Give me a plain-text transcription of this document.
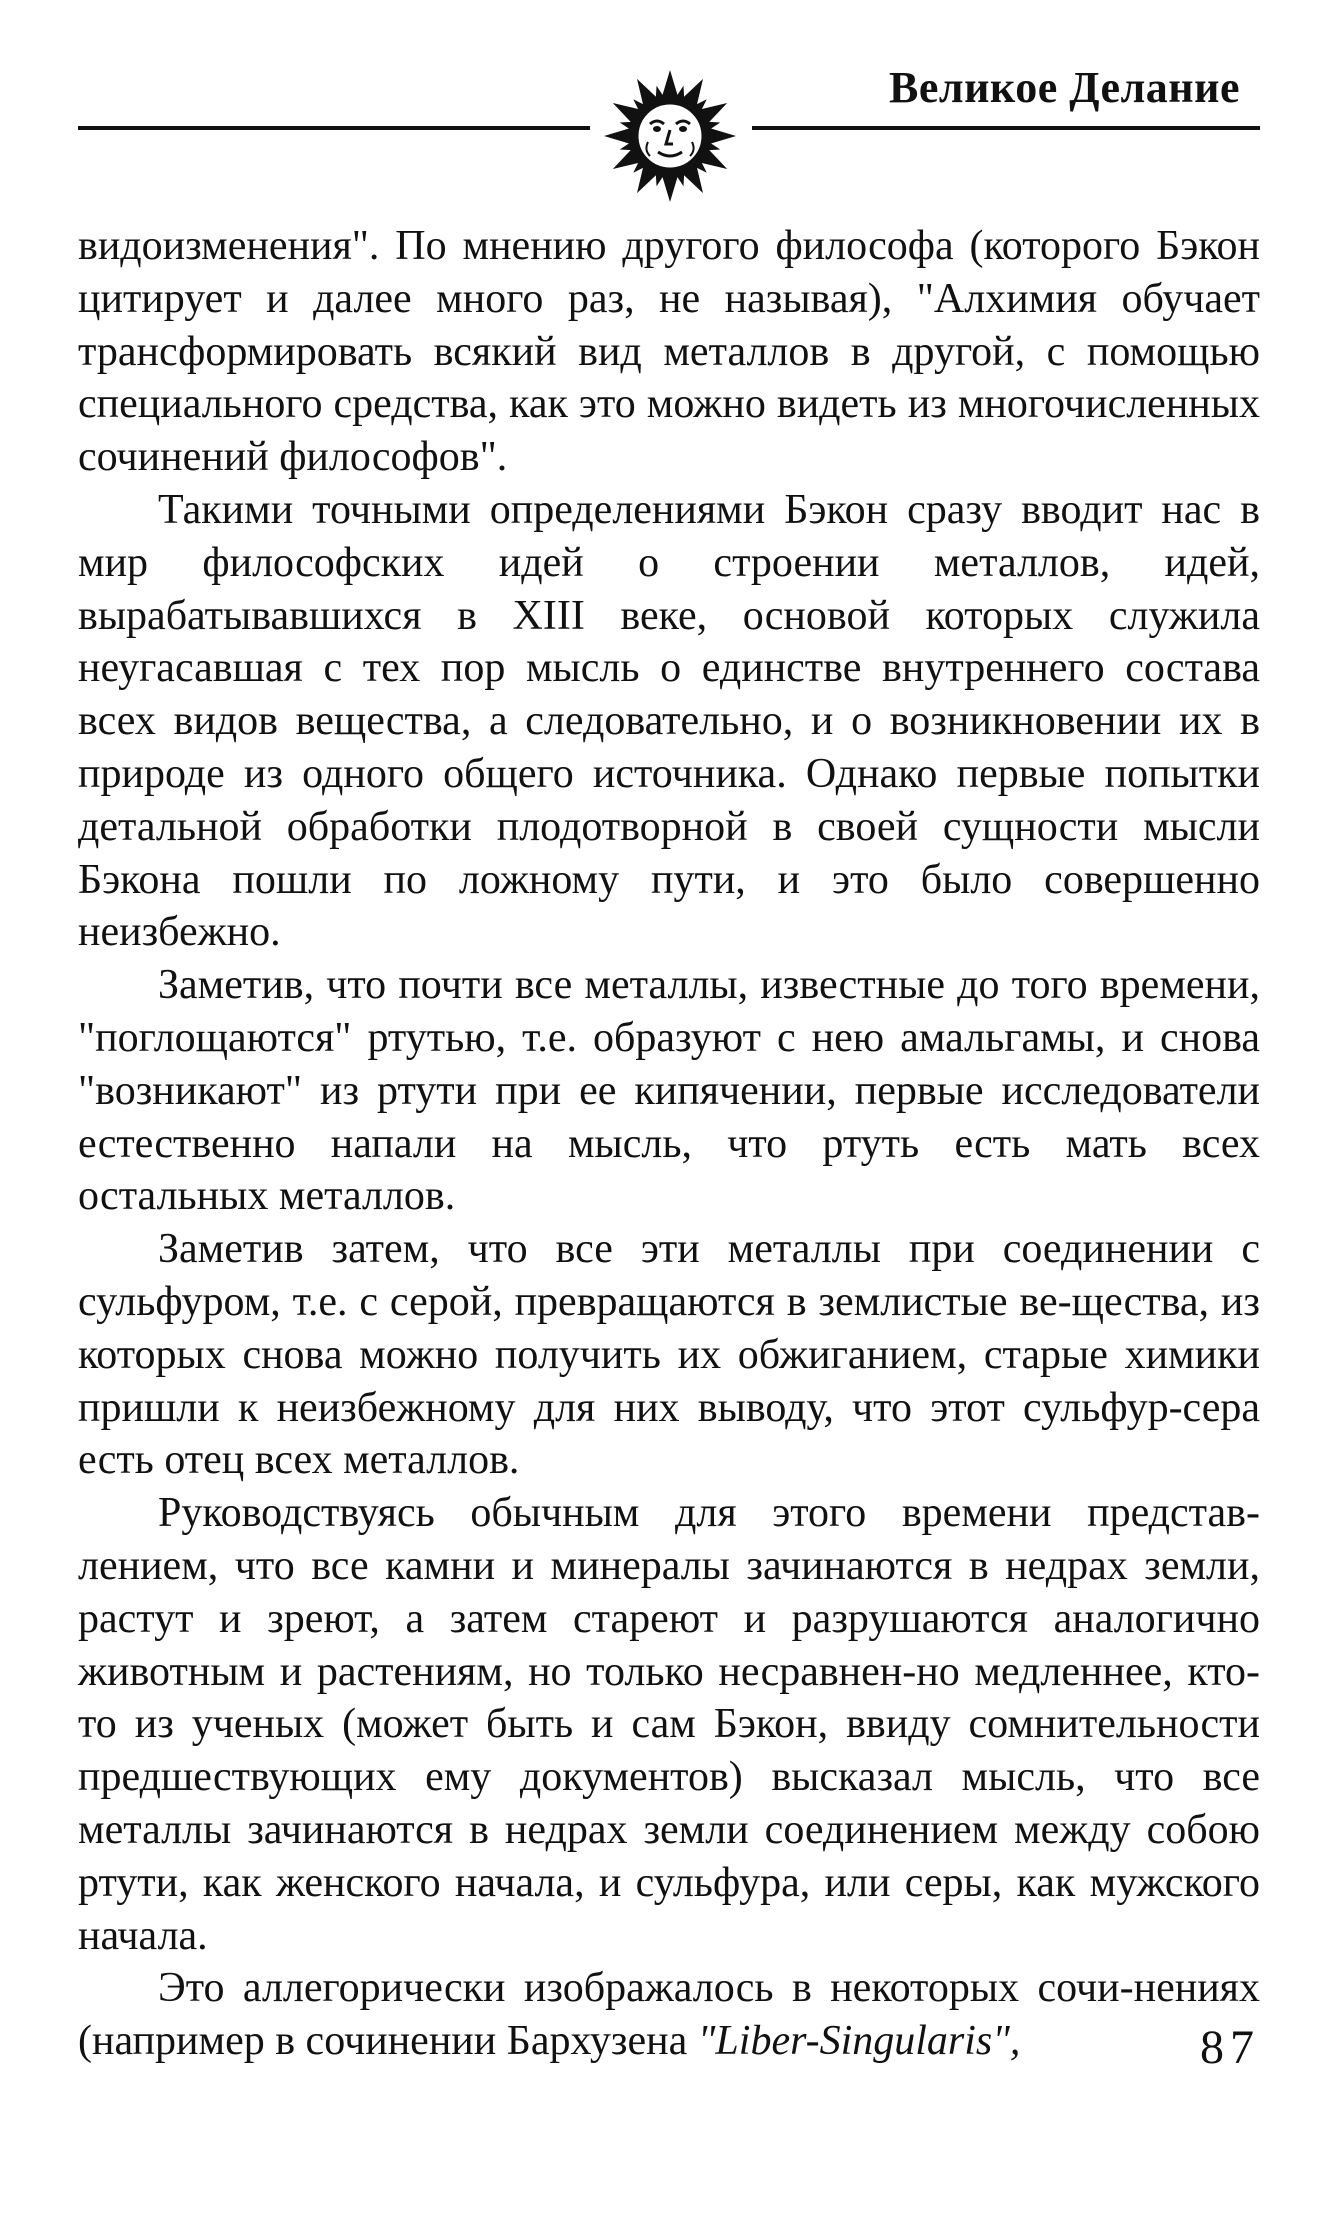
Великое Делание

видоизменения". По мнению другого философа (которого Бэкон цитирует и далее много раз, не называя), "Алхимия обучает трансформировать всякий вид металлов в другой, с помощью специального средства, как это можно видеть из многочисленных сочинений философов".

Такими точными определениями Бэкон сразу вводит нас в мир философских идей о строении металлов, идей, вырабатывавшихся в XIII веке, основой которых служила неугасавшая с тех пор мысль о единстве внутреннего состава всех видов вещества, а следовательно, и о возникновении их в природе из одного общего источника. Однако первые попытки детальной обработки плодотворной в своей сущности мысли Бэкона пошли по ложному пути, и это было совершенно неизбежно.

Заметив, что почти все металлы, известные до того времени, "поглощаются" ртутью, т.е. образуют с нею амальгамы, и снова "возникают" из ртути при ее кипячении, первые исследователи естественно напали на мысль, что ртуть есть мать всех остальных металлов.

Заметив затем, что все эти металлы при соединении с сульфуром, т.е. с серой, превращаются в землистые ве-щества, из которых снова можно получить их обжиганием, старые химики пришли к неизбежному для них выводу, что этот сульфур-сера есть отец всех металлов.

Руководствуясь обычным для этого времени представ-лением, что все камни и минералы зачинаются в недрах земли, растут и зреют, а затем стареют и разрушаются аналогично животным и растениям, но только несравнен-но медленнее, кто-то из ученых (может быть и сам Бэкон, ввиду сомнительности предшествующих ему документов) высказал мысль, что все металлы зачинаются в недрах земли соединением между собою ртути, как женского начала, и сульфура, или серы, как мужского начала.

Это аллегорически изображалось в некоторых сочи-нениях (например в сочинении Бархузена "Liber-Singularis",	87
